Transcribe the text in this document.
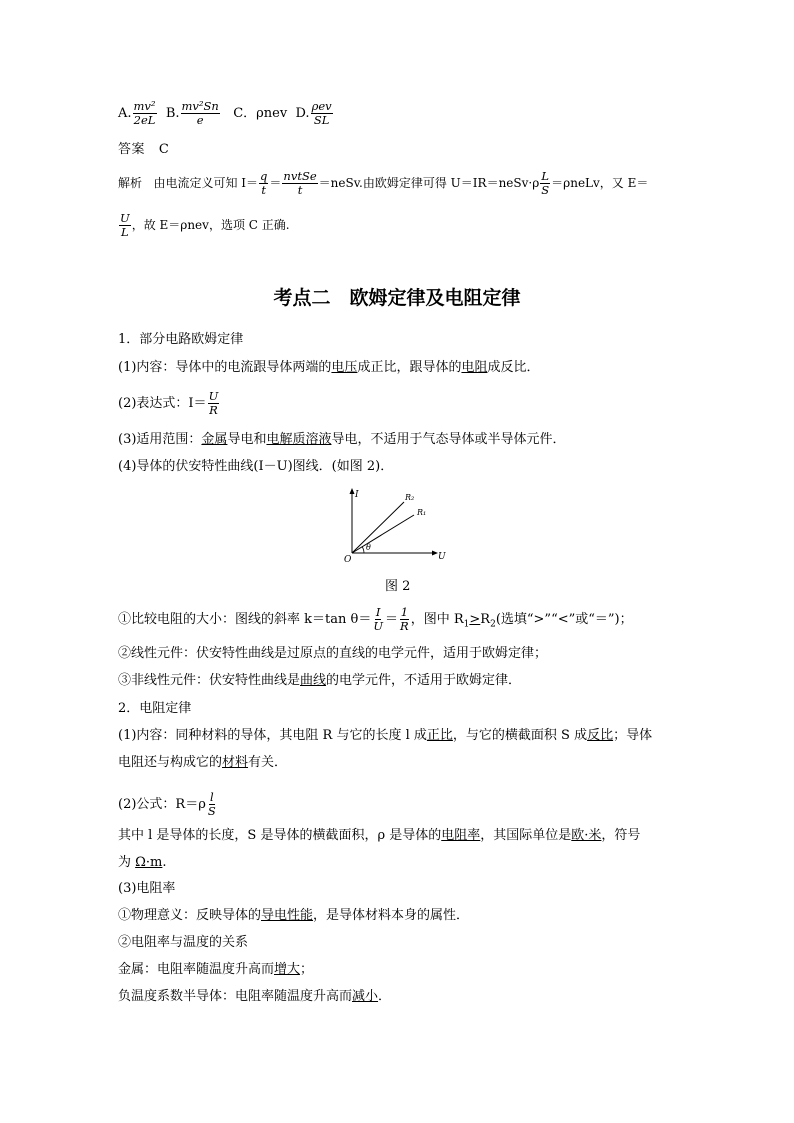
A. $\frac{\text{mv²}}{2eL} B$. $\frac{\text{mv²Sn}}{e}$ C．ρnev D. $\frac{\text{ρev}}{SL}$
答案 C
解析 由电流定义可知 $I= \frac{q}{t} = \frac{\text{nvtSe}}{t}$ ＝neSv.由欧姆定律可得 U＝IR＝neSv·ρ $\frac{L}{S}$ ＝ρneLv，又 E＝
$\frac{U}{L}$ ，故 E＝ρnev，选项 C 正确.
考点二　欧姆定律及电阻定律
1．部分电路欧姆定律
(1)内容：导体中的电流跟导体两端的电压成正比，跟导体的电阻成反比．
(2)表达式：$I= \frac{U}{R}$
(3)适用范围：金属导电和电解质溶液导电，不适用于气态导体或半导体元件．
(4)导体的伏安特性曲线(I－U)图线．(如图 2)．
I
U
O
θ
R₂
R₁
图 2
①比较电阻的大小：图线的斜率 k＝tan $\theta= \frac{I}{U} = \frac{1}{R}$ ，图中 $R_1>R_2$(选填“>”“<”或“＝”)；
②线性元件：伏安特性曲线是过原点的直线的电学元件，适用于欧姆定律；
③非线性元件：伏安特性曲线是曲线的电学元件，不适用于欧姆定律．
2．电阻定律
(1)内容：同种材料的导体，其电阻 R 与它的长度 l 成正比，与它的横截面积 S 成反比；导体
电阻还与构成它的材料有关．
(2)公式：$R=\rho \frac{l}{S}$
其中 l 是导体的长度，S 是导体的横截面积，ρ 是导体的电阻率，其国际单位是欧·米，符号
为 Ω·m.
(3)电阻率
①物理意义：反映导体的导电性能，是导体材料本身的属性．
②电阻率与温度的关系
金属：电阻率随温度升高而增大；
负温度系数半导体：电阻率随温度升高而减小．
